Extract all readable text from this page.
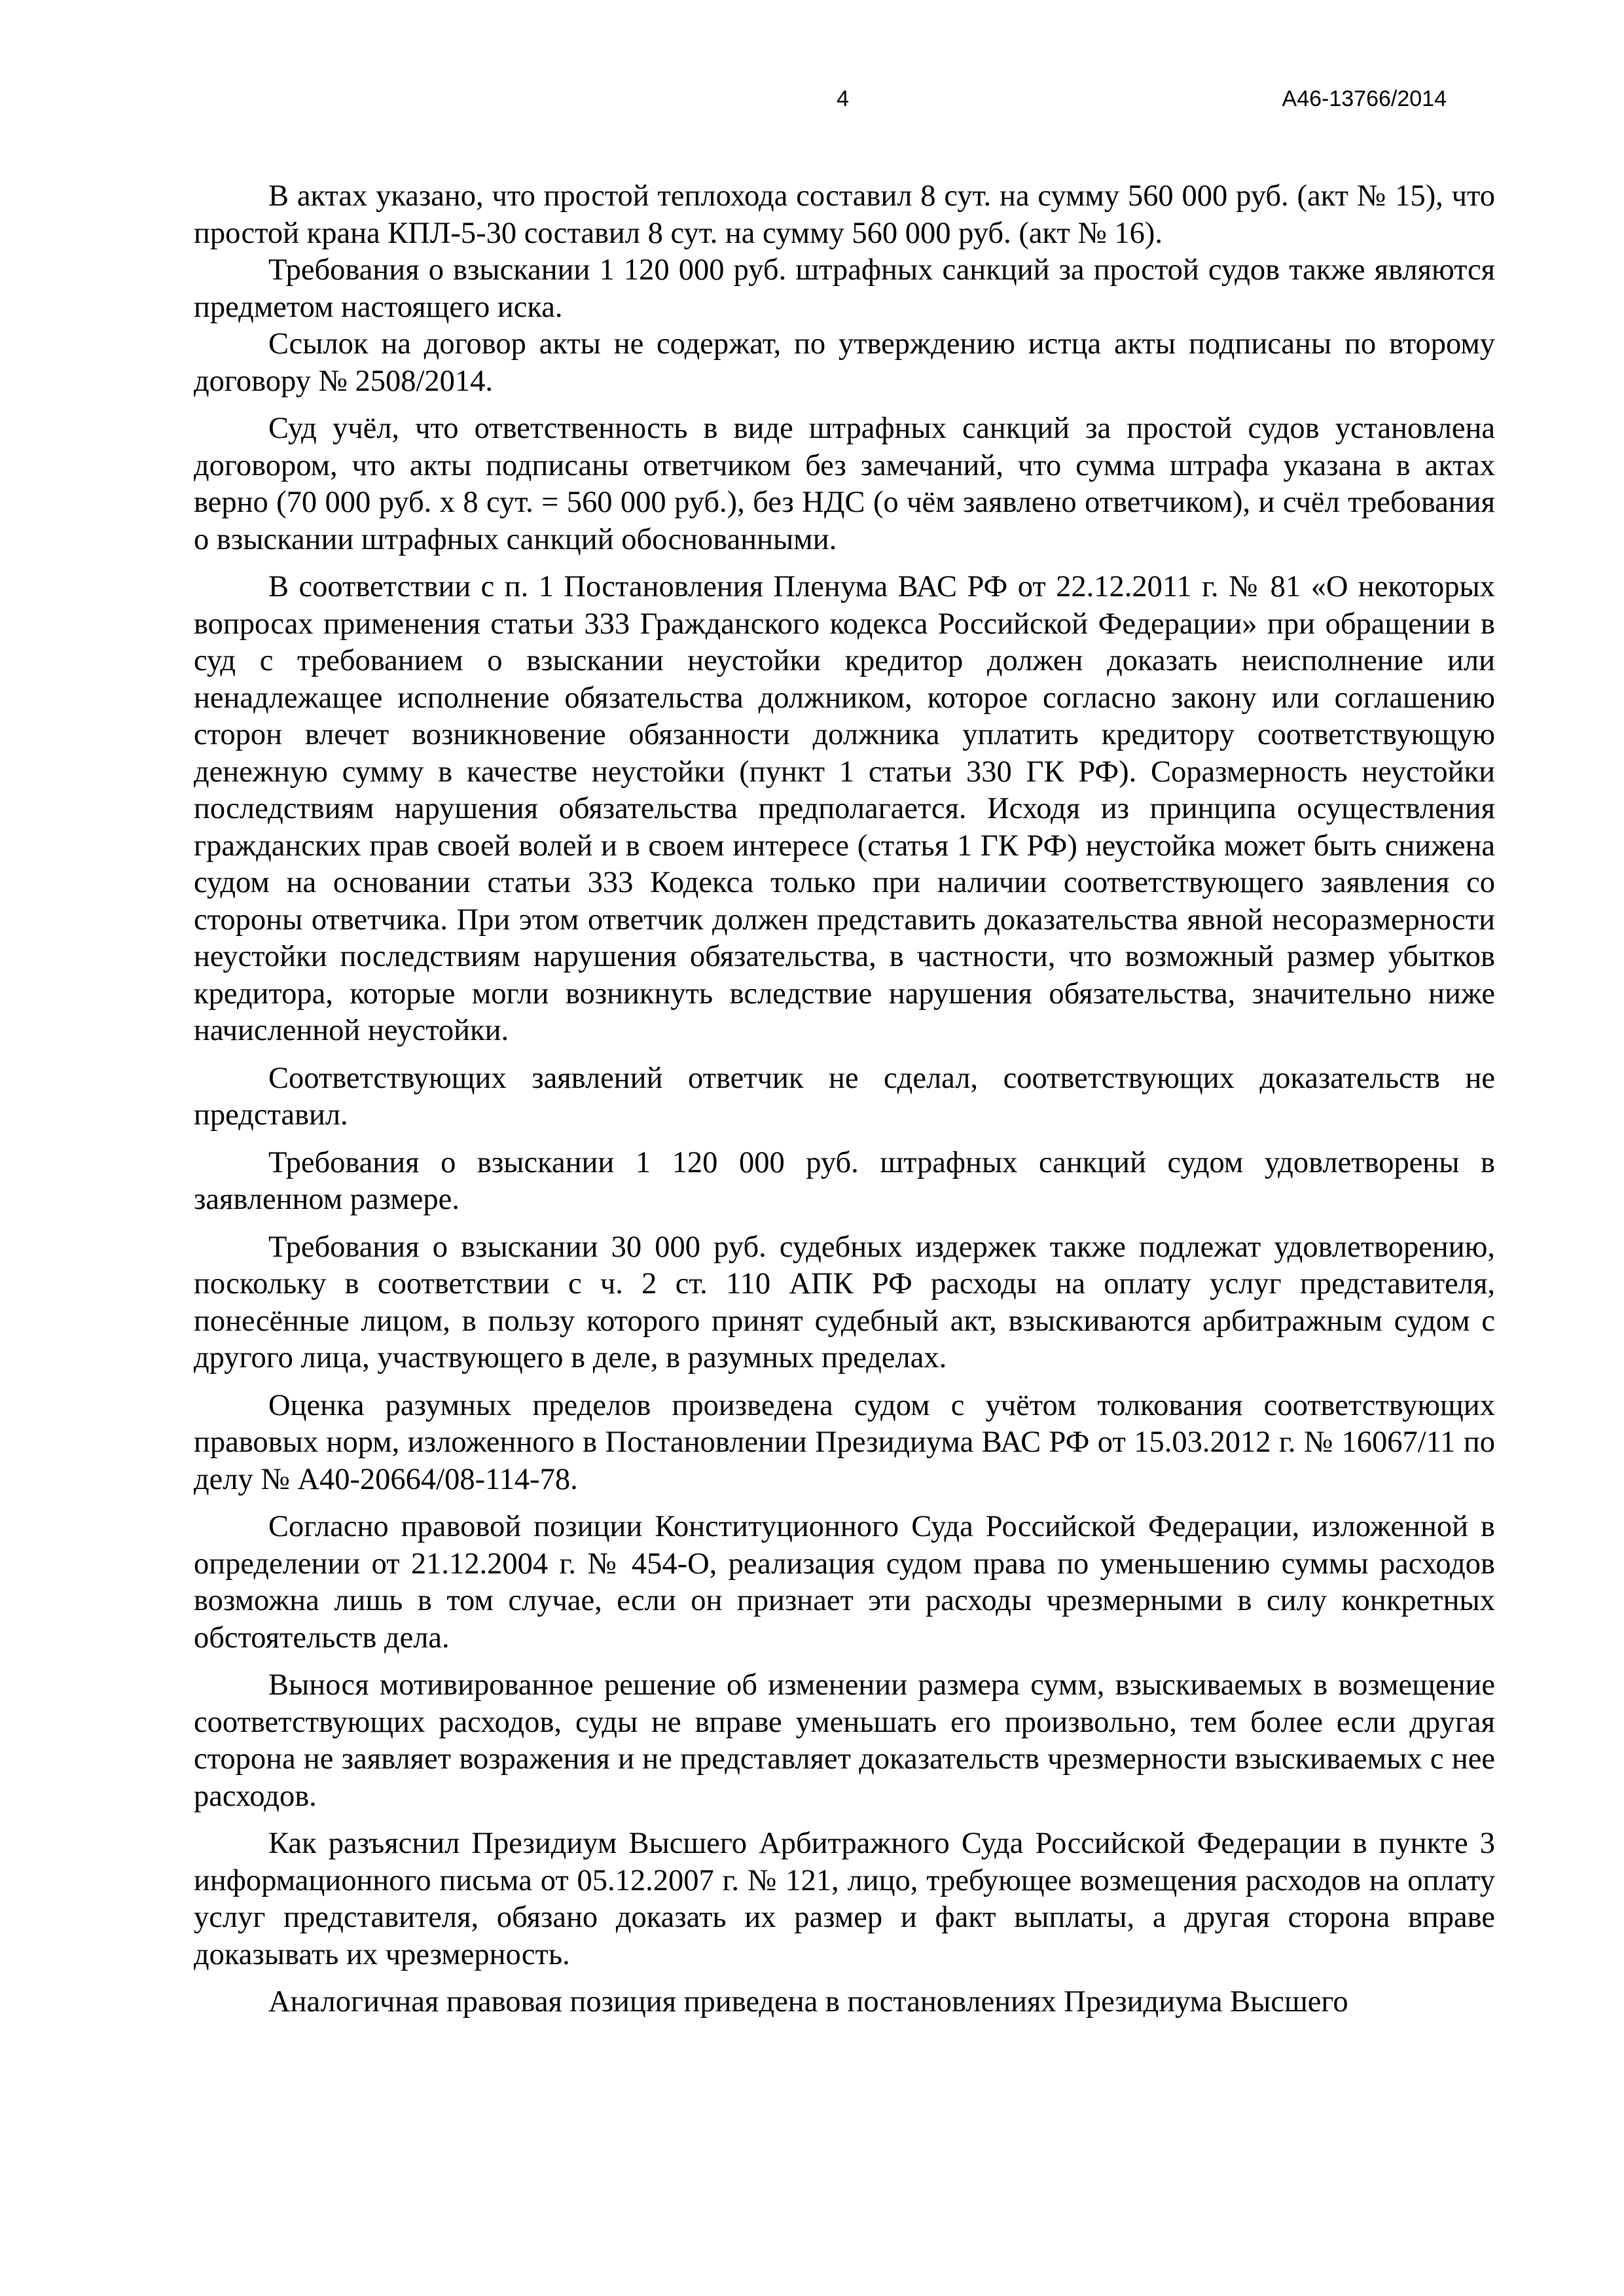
4	А46-13766/2014

В актах указано, что простой теплохода составил 8 сут. на сумму 560 000 руб. (акт № 15), что простой крана КПЛ-5-30 составил 8 сут. на сумму 560 000 руб. (акт № 16).

Требования о взыскании 1 120 000 руб. штрафных санкций за простой судов также являются предметом настоящего иска.

Ссылок на договор акты не содержат, по утверждению истца акты подписаны по второму договору № 2508/2014.

Суд учёл, что ответственность в виде штрафных санкций за простой судов установлена договором, что акты подписаны ответчиком без замечаний, что сумма штрафа указана в актах верно (70 000 руб. х 8 сут. = 560 000 руб.), без НДС (о чём заявлено ответчиком), и счёл требования о взыскании штрафных санкций обоснованными.

В соответствии с п. 1 Постановления Пленума ВАС РФ от 22.12.2011 г. № 81 «О некоторых вопросах применения статьи 333 Гражданского кодекса Российской Федерации» при обращении в суд с требованием о взыскании неустойки кредитор должен доказать неисполнение или ненадлежащее исполнение обязательства должником, которое согласно закону или соглашению сторон влечет возникновение обязанности должника уплатить кредитору соответствующую денежную сумму в качестве неустойки (пункт 1 статьи 330 ГК РФ). Соразмерность неустойки последствиям нарушения обязательства предполагается. Исходя из принципа осуществления гражданских прав своей волей и в своем интересе (статья 1 ГК РФ) неустойка может быть снижена судом на основании статьи 333 Кодекса только при наличии соответствующего заявления со стороны ответчика. При этом ответчик должен представить доказательства явной несоразмерности неустойки последствиям нарушения обязательства, в частности, что возможный размер убытков кредитора, которые могли возникнуть вследствие нарушения обязательства, значительно ниже начисленной неустойки.

Соответствующих заявлений ответчик не сделал, соответствующих доказательств не представил.

Требования о взыскании 1 120 000 руб. штрафных санкций судом удовлетворены в заявленном размере.

Требования о взыскании 30 000 руб. судебных издержек также подлежат удовлетворению, поскольку в соответствии с ч. 2 ст. 110 АПК РФ расходы на оплату услуг представителя, понесённые лицом, в пользу которого принят судебный акт, взыскиваются арбитражным судом с другого лица, участвующего в деле, в разумных пределах.

Оценка разумных пределов произведена судом с учётом толкования соответствующих правовых норм, изложенного в Постановлении Президиума ВАС РФ от 15.03.2012 г. № 16067/11 по делу № А40-20664/08-114-78.

Согласно правовой позиции Конституционного Суда Российской Федерации, изложенной в определении от 21.12.2004 г. № 454-О, реализация судом права по уменьшению суммы расходов возможна лишь в том случае, если он признает эти расходы чрезмерными в силу конкретных обстоятельств дела.

Вынося мотивированное решение об изменении размера сумм, взыскиваемых в возмещение соответствующих расходов, суды не вправе уменьшать его произвольно, тем более если другая сторона не заявляет возражения и не представляет доказательств чрезмерности взыскиваемых с нее расходов.

Как разъяснил Президиум Высшего Арбитражного Суда Российской Федерации в пункте 3 информационного письма от 05.12.2007 г. № 121, лицо, требующее возмещения расходов на оплату услуг представителя, обязано доказать их размер и факт выплаты, а другая сторона вправе доказывать их чрезмерность.

Аналогичная правовая позиция приведена в постановлениях Президиума Высшего
